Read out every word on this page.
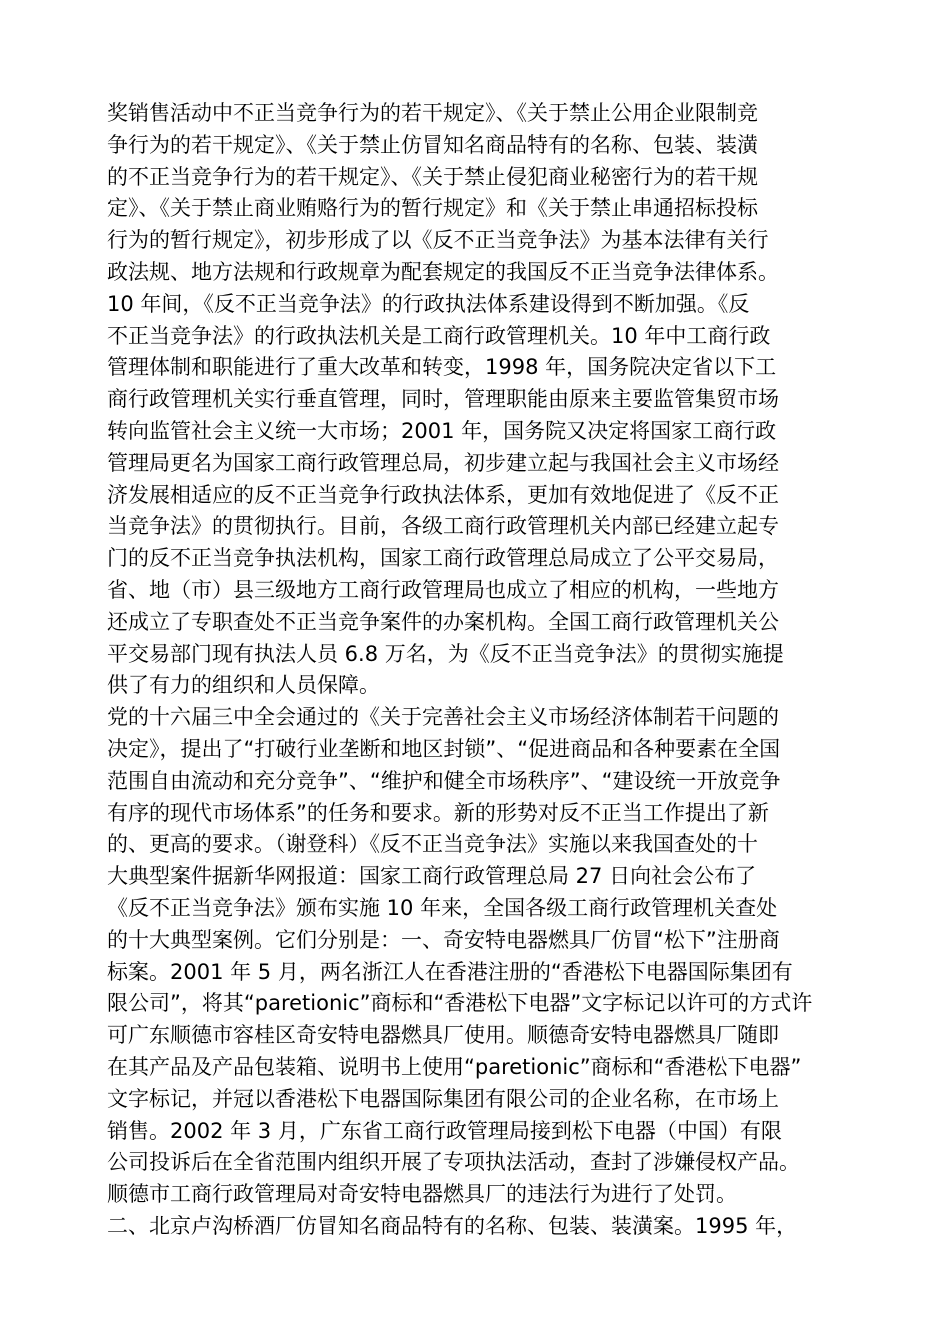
奖销售活动中不正当竞争行为的若干规定》、《关于禁止公用企业限制竞
争行为的若干规定》、《关于禁止仿冒知名商品特有的名称、包装、装潢
的不正当竞争行为的若干规定》、《关于禁止侵犯商业秘密行为的若干规
定》、《关于禁止商业贿赂行为的暂行规定》和《关于禁止串通招标投标
行为的暂行规定》，初步形成了以《反不正当竞争法》为基本法律有关行
政法规、地方法规和行政规章为配套规定的我国反不正当竞争法律体系。
10 年间，《反不正当竞争法》的行政执法体系建设得到不断加强。《反
不正当竞争法》的行政执法机关是工商行政管理机关。10 年中工商行政
管理体制和职能进行了重大改革和转变，1998 年，国务院决定省以下工
商行政管理机关实行垂直管理，同时，管理职能由原来主要监管集贸市场
转向监管社会主义统一大市场；2001 年，国务院又决定将国家工商行政
管理局更名为国家工商行政管理总局，初步建立起与我国社会主义市场经
济发展相适应的反不正当竞争行政执法体系，更加有效地促进了《反不正
当竞争法》的贯彻执行。目前，各级工商行政管理机关内部已经建立起专
门的反不正当竞争执法机构，国家工商行政管理总局成立了公平交易局，
省、地（市）县三级地方工商行政管理局也成立了相应的机构，一些地方
还成立了专职查处不正当竞争案件的办案机构。全国工商行政管理机关公
平交易部门现有执法人员 6.8 万名，为《反不正当竞争法》的贯彻实施提
供了有力的组织和人员保障。
党的十六届三中全会通过的《关于完善社会主义市场经济体制若干问题的
决定》，提出了“打破行业垄断和地区封锁”、“促进商品和各种要素在全国
范围自由流动和充分竞争”、“维护和健全市场秩序”、“建设统一开放竞争
有序的现代市场体系”的任务和要求。新的形势对反不正当工作提出了新
的、更高的要求。（谢登科）《反不正当竞争法》实施以来我国查处的十
大典型案件据新华网报道：国家工商行政管理总局 27 日向社会公布了
《反不正当竞争法》颁布实施 10 年来，全国各级工商行政管理机关查处
的十大典型案例。它们分别是：一、奇安特电器燃具厂仿冒“松下”注册商
标案。2001 年 5 月，两名浙江人在香港注册的“香港松下电器国际集团有
限公司”，将其“paretionic”商标和“香港松下电器”文字标记以许可的方式许
可广东顺德市容桂区奇安特电器燃具厂使用。顺德奇安特电器燃具厂随即
在其产品及产品包装箱、说明书上使用“paretionic”商标和“香港松下电器”
文字标记，并冠以香港松下电器国际集团有限公司的企业名称，在市场上
销售。2002 年 3 月，广东省工商行政管理局接到松下电器（中国）有限
公司投诉后在全省范围内组织开展了专项执法活动，查封了涉嫌侵权产品。
顺德市工商行政管理局对奇安特电器燃具厂的违法行为进行了处罚。
二、北京卢沟桥酒厂仿冒知名商品特有的名称、包装、装潢案。1995 年，
